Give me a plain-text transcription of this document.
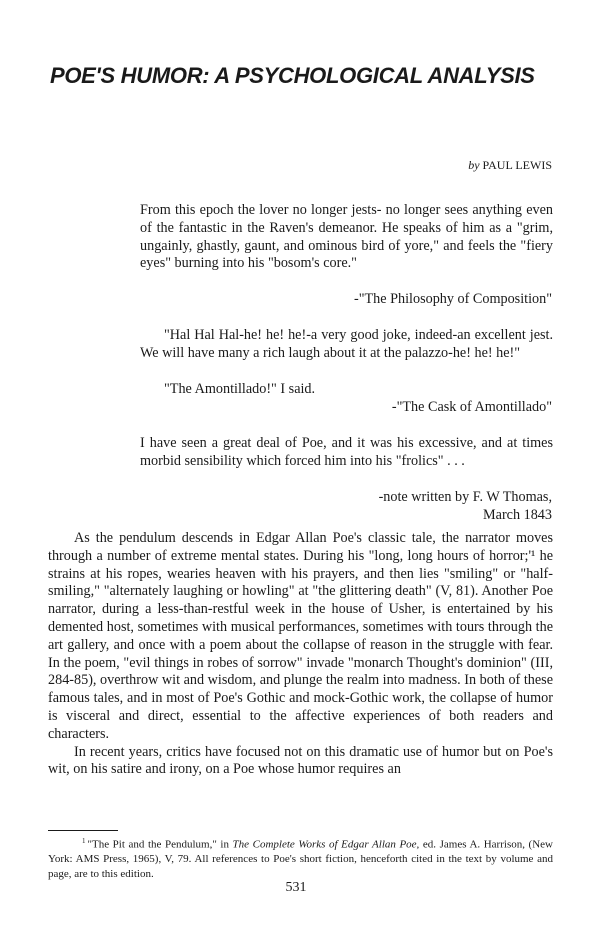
POE'S HUMOR: A PSYCHOLOGICAL ANALYSIS
by PAUL LEWIS

From this epoch the lover no longer jests- no longer sees anything even of the fantastic in the Raven's demeanor. He speaks of him as a "grim, ungainly, ghastly, gaunt, and ominous bird of yore," and feels the "fiery eyes" burning into his "bosom's core."

-"The Philosophy of Composition"

"Hal Hal Hal-he! he! he!-a very good joke, indeed-an excellent jest. We will have many a rich laugh about it at the palazzo-he! he! he!"

"The Amontillado!" I said.

-"The Cask of Amontillado"

I have seen a great deal of Poe, and it was his excessive, and at times morbid sensibility which forced him into his "frolics" . . .

-note written by F. W Thomas,
March 1843

As the pendulum descends in Edgar Allan Poe's classic tale, the narrator moves through a number of extreme mental states. During his "long, long hours of horror;'¹ he strains at his ropes, wearies heaven with his prayers, and then lies "smiling" or "half-smiling," "alternately laughing or howling" at "the glittering death" (V, 81). Another Poe narrator, during a less-than-restful week in the house of Usher, is entertained by his demented host, sometimes with musical performances, sometimes with tours through the art gallery, and once with a poem about the collapse of reason in the struggle with fear. In the poem, "evil things in robes of sorrow" invade "monarch Thought's dominion" (III, 284-85), overthrow wit and wisdom, and plunge the realm into madness. In both of these famous tales, and in most of Poe's Gothic and mock-Gothic work, the collapse of humor is visceral and direct, essential to the affective experiences of both readers and characters.

In recent years, critics have focused not on this dramatic use of humor but on Poe's wit, on his satire and irony, on a Poe whose humor requires an

$^1$ "The Pit and the Pendulum," in The Complete Works of Edgar Allan Poe, ed. James A. Harrison, (New York: AMS Press, 1965), V, 79. All references to Poe's short fiction, henceforth cited in the text by volume and page, are to this edition.

531
